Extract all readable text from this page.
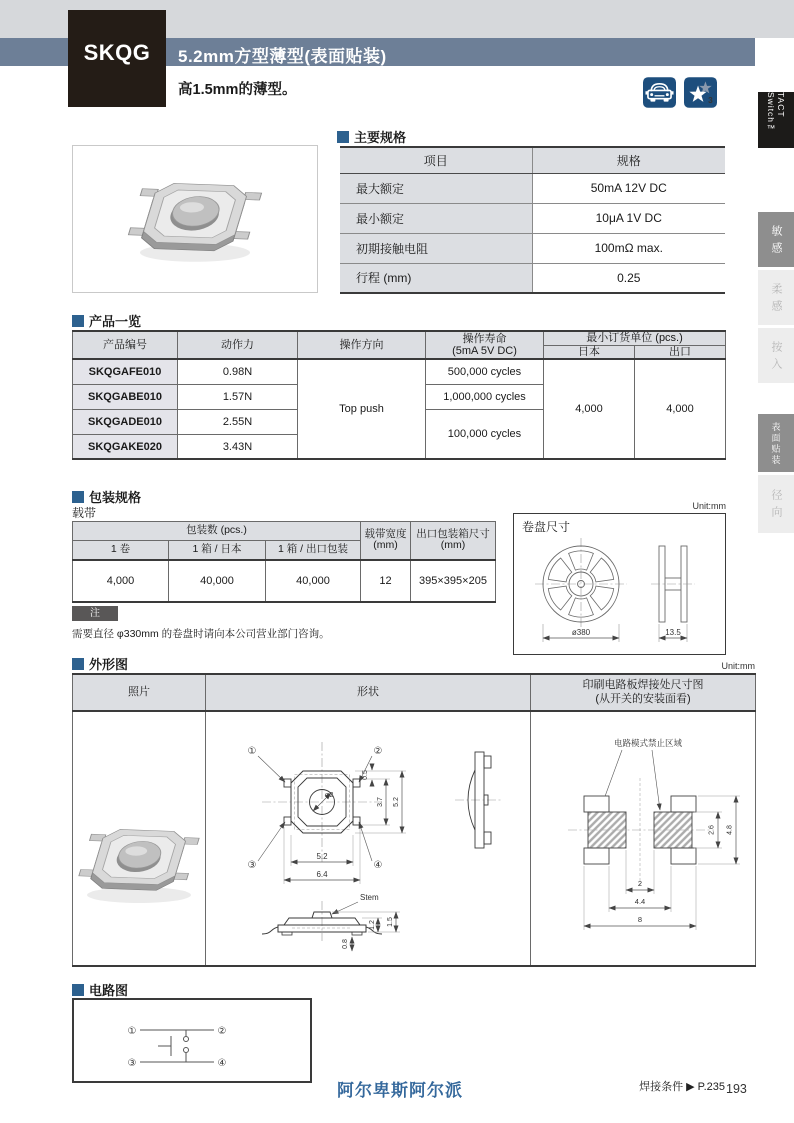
5.2mm方型薄型(表面贴装)
SKQG
高1.5mm的薄型。
3	TACT Switch™
敏感
柔感
按入
表面贴装
径向
主要规格
项目	规格
最大额定	50mA 12V DC
最小额定	10μA 1V DC
初期接触电阻	100mΩ max.
行程 (mm)	0.25
产品一览
产品编号	动作力	操作方向	操作寿命
(5mA 5V DC)	最小订货单位 (pcs.)	
				日本	出口
SKQGAFE010	0.98N	Top push	500,000 cycles	4,000	4,000
SKQGABE010	1.57N		1,000,000 cycles		
SKQGADE010	2.55N		100,000 cycles		
SKQGAKE020	3.43N				
包装规格
载带
包装数 (pcs.)	载带宽度
(mm)

出口包装箱尺寸
(mm)

1 卷	1 箱 / 日本	1 箱 / 出口包装		
4,000	40,000	40,000	12	395×395×205
Unit:mm
卷盘尺寸
ø380	13.5
注
需要直径 φ330mm 的卷盘时请向本公司营业部门咨询。
外形图	Unit:mm
照片	形状	印刷电路板焊接处尺寸图
(从开关的安装面看)

φ2
5.2
6.4
0.5
3.7 5.2
①	②
③	④
Stem
1.2 1.5
0.8

电路模式禁止区域
2.6 4.8
2
4.4
8
电路图
①	②
③	④
阿尔卑斯阿尔派	焊接条件 ▶ P.235 193
